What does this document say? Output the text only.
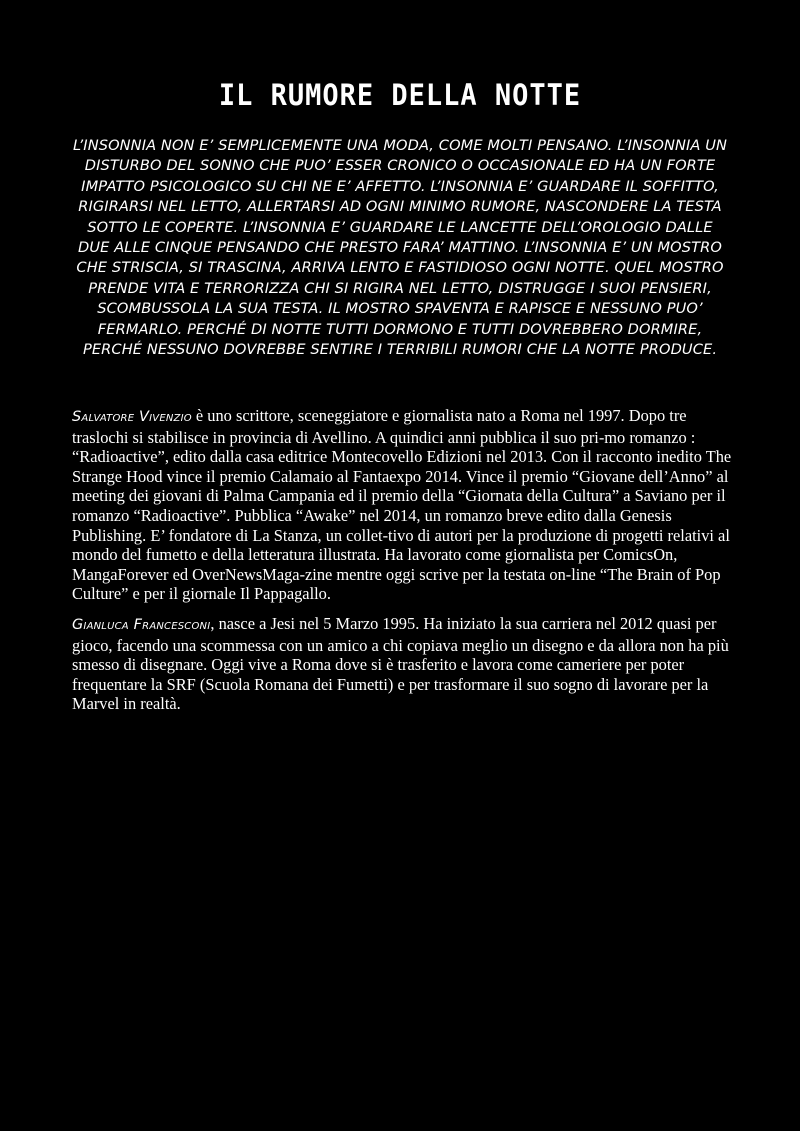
IL RUMORE DELLA NOTTE

L’INSONNIA NON E’ SEMPLICEMENTE UNA MODA, COME MOLTI PENSANO. L’INSONNIA UN DISTURBO DEL SONNO CHE PUO’ ESSER CRONICO O OCCASIONALE ED HA UN FORTE IMPATTO PSICOLOGICO SU CHI NE E’ AFFETTO. L’INSONNIA E’ GUARDARE IL SOFFITTO, RIGIRARSI NEL LETTO, ALLERTARSI AD OGNI MINIMO RUMORE, NASCONDERE LA TESTA SOTTO LE COPERTE. L’INSONNIA E’ GUARDARE LE LANCETTE DELL’OROLOGIO DALLE DUE ALLE CINQUE PENSANDO CHE PRESTO FARA’ MATTINO. L’INSONNIA E’ UN MOSTRO CHE STRISCIA, SI TRASCINA, ARRIVA LENTO E FASTIDIOSO OGNI NOTTE. QUEL MOSTRO PRENDE VITA E TERRORIZZA CHI SI RIGIRA NEL LETTO, DISTRUGGE I SUOI PENSIERI, SCOMBUSSOLA LA SUA TESTA. IL MOSTRO SPAVENTA E RAPISCE E NESSUNO PUO’ FERMARLO. PERCHÉ DI NOTTE TUTTI DORMONO E TUTTI DOVREBBERO DORMIRE, PERCHÉ NESSUNO DOVREBBE SENTIRE I TERRIBILI RUMORI CHE LA NOTTE PRODUCE.

Salvatore Vivenzio è uno scrittore, sceneggiatore e giornalista nato a Roma nel 1997. Dopo tre traslochi si stabilisce in provincia di Avellino. A quindici anni pubblica il suo pri-mo romanzo : “Radioactive”, edito dalla casa editrice Montecovello Edizioni nel 2013. Con il racconto inedito The Strange Hood vince il premio Calamaio al Fantaexpo 2014. Vince il premio “Giovane dell’Anno” al meeting dei giovani di Palma Campania ed il premio della “Giornata della Cultura” a Saviano per il romanzo “Radioactive”. Pubblica “Awake” nel 2014, un romanzo breve edito dalla Genesis Publishing. E’ fondatore di La Stanza, un collet-tivo di autori per la produzione di progetti relativi al mondo del fumetto e della letteratura illustrata. Ha lavorato come giornalista per ComicsOn, MangaForever ed OverNewsMaga-zine mentre oggi scrive per la testata on-line “The Brain of Pop Culture” e per il giornale Il Pappagallo.

Gianluca Francesconi, nasce a Jesi nel 5 Marzo 1995. Ha iniziato la sua carriera nel 2012 quasi per gioco, facendo una scommessa con un amico a chi copiava meglio un disegno e da allora non ha più smesso di disegnare. Oggi vive a Roma dove si è trasferito e lavora come cameriere per poter frequentare la SRF (Scuola Romana dei Fumetti) e per trasformare il suo sogno di lavorare per la Marvel in realtà.
